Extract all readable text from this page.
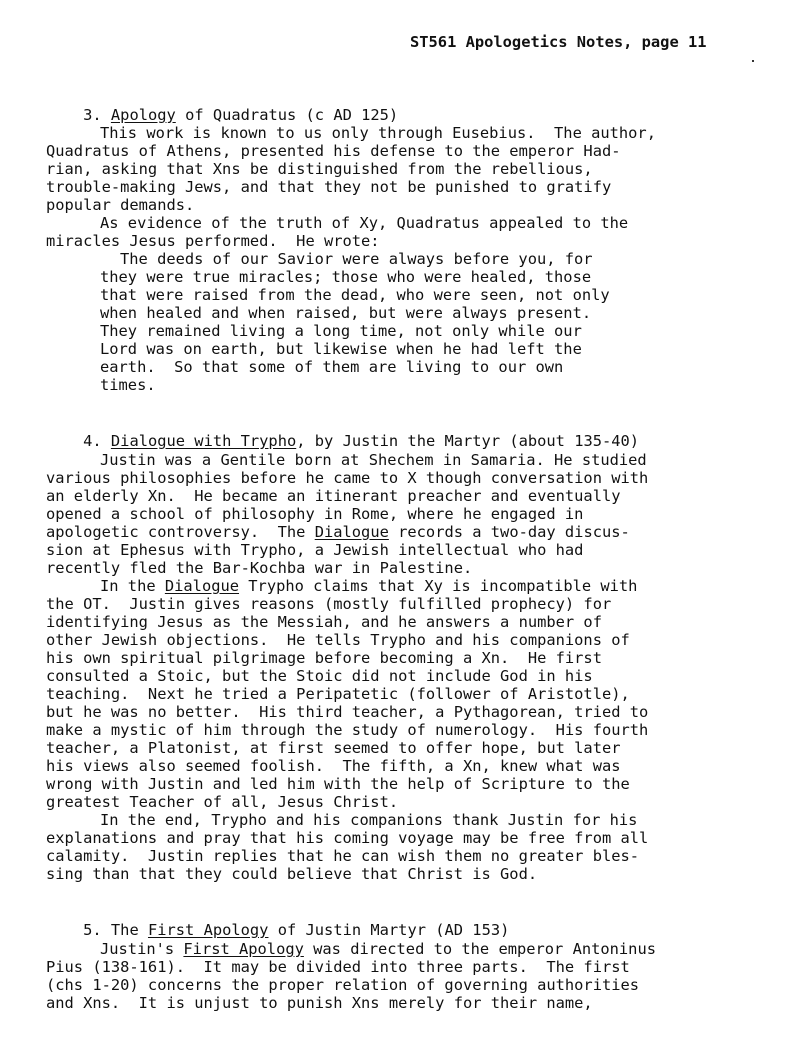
ST561 Apologetics Notes, page 11

3. Apology of Quadratus (c AD 125)

This work is known to us only through Eusebius.  The author,
Quadratus of Athens, presented his defense to the emperor Had-
rian, asking that Xns be distinguished from the rebellious,
trouble-making Jews, and that they not be punished to gratify
popular demands.
As evidence of the truth of Xy, Quadratus appealed to the
miracles Jesus performed.  He wrote:
The deeds of our Savior were always before you, for
they were true miracles; those who were healed, those
that were raised from the dead, who were seen, not only
when healed and when raised, but were always present.
They remained living a long time, not only while our
Lord was on earth, but likewise when he had left the
earth.  So that some of them are living to our own
times.

4. Dialogue with Trypho, by Justin the Martyr (about 135-40)

Justin was a Gentile born at Shechem in Samaria. He studied
various philosophies before he came to X though conversation with
an elderly Xn.  He became an itinerant preacher and eventually
opened a school of philosophy in Rome, where he engaged in
apologetic controversy.  The Dialogue records a two-day discus-
sion at Ephesus with Trypho, a Jewish intellectual who had
recently fled the Bar-Kochba war in Palestine.
In the Dialogue Trypho claims that Xy is incompatible with
the OT.  Justin gives reasons (mostly fulfilled prophecy) for
identifying Jesus as the Messiah, and he answers a number of
other Jewish objections.  He tells Trypho and his companions of
his own spiritual pilgrimage before becoming a Xn.  He first
consulted a Stoic, but the Stoic did not include God in his
teaching.  Next he tried a Peripatetic (follower of Aristotle),
but he was no better.  His third teacher, a Pythagorean, tried to
make a mystic of him through the study of numerology.  His fourth
teacher, a Platonist, at first seemed to offer hope, but later
his views also seemed foolish.  The fifth, a Xn, knew what was
wrong with Justin and led him with the help of Scripture to the
greatest Teacher of all, Jesus Christ.
In the end, Trypho and his companions thank Justin for his
explanations and pray that his coming voyage may be free from all
calamity.  Justin replies that he can wish them no greater bles-
sing than that they could believe that Christ is God.

5. The First Apology of Justin Martyr (AD 153)

Justin's First Apology was directed to the emperor Antoninus
Pius (138-161).  It may be divided into three parts.  The first
(chs 1-20) concerns the proper relation of governing authorities
and Xns.  It is unjust to punish Xns merely for their name,
